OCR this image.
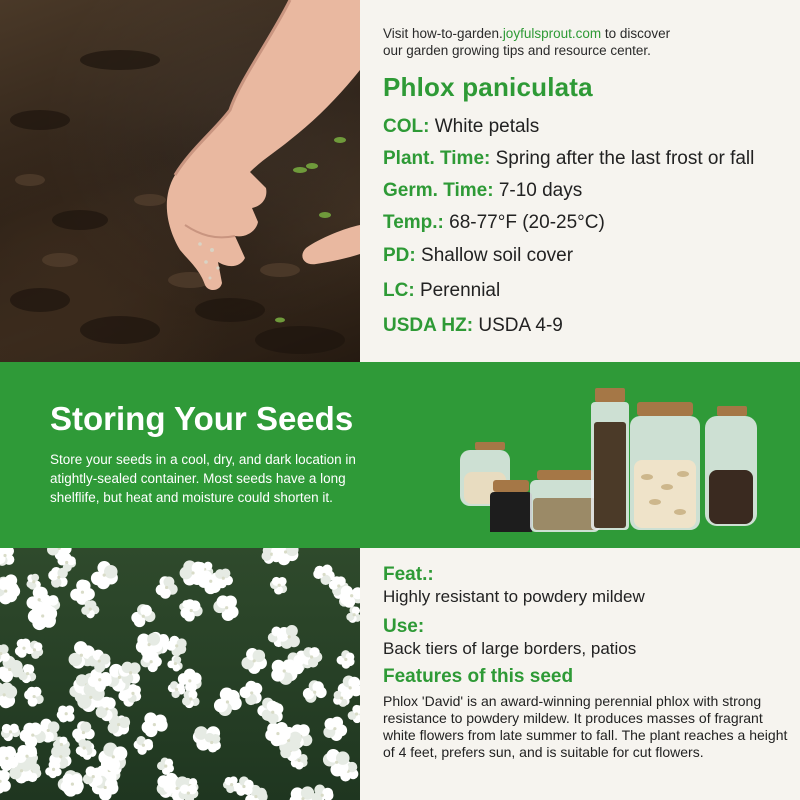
Visit how-to-garden.joyfulsprout.com to discover
our garden growing tips and resource center.
Phlox paniculata
COL: White petals
Plant. Time: Spring after the last frost or fall
Germ. Time: 7-10 days
Temp.: 68-77°F (20-25°C)
PD: Shallow soil cover
LC: Perennial
USDA HZ: USDA 4-9
Storing Your Seeds
Store your seeds in a cool, dry, and dark location in atightly-sealed container. Most seeds have a long shelflife, but heat and moisture could shorten it.
Feat.:
Highly resistant to powdery mildew
Use:
Back tiers of large borders, patios
Features of this seed
Phlox 'David' is an award-winning perennial phlox with strong resistance to powdery mildew. It produces masses of fragrant white flowers from late summer to fall. The plant reaches a height of 4 feet, prefers sun, and is suitable for cut flowers.
